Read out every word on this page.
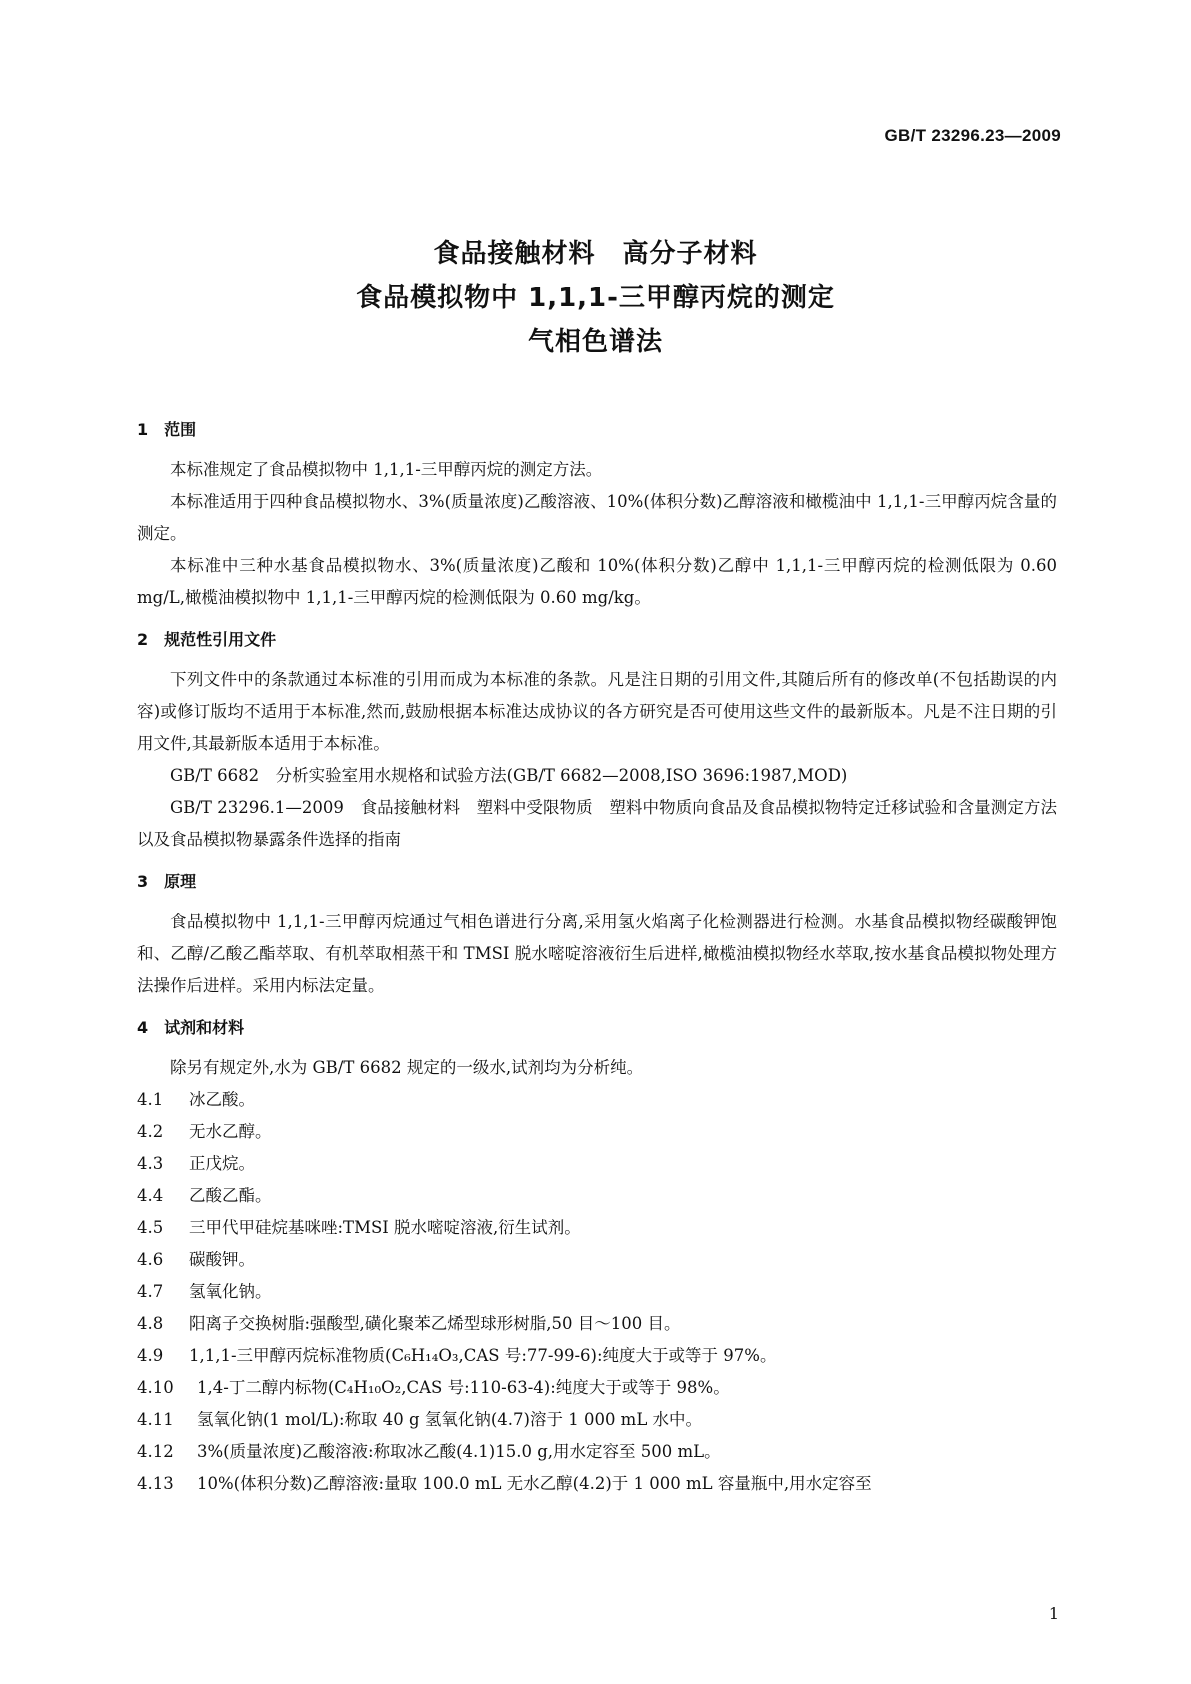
GB/T 23296.23—2009
食品接触材料　高分子材料
食品模拟物中 1,1,1-三甲醇丙烷的测定
气相色谱法
1　范围
本标准规定了食品模拟物中 1,1,1-三甲醇丙烷的测定方法。
本标准适用于四种食品模拟物水、3%(质量浓度)乙酸溶液、10%(体积分数)乙醇溶液和橄榄油中 1,1,1-三甲醇丙烷含量的测定。
本标准中三种水基食品模拟物水、3%(质量浓度)乙酸和 10%(体积分数)乙醇中 1,1,1-三甲醇丙烷的检测低限为 0.60 mg/L,橄榄油模拟物中 1,1,1-三甲醇丙烷的检测低限为 0.60 mg/kg。
2　规范性引用文件
下列文件中的条款通过本标准的引用而成为本标准的条款。凡是注日期的引用文件,其随后所有的修改单(不包括勘误的内容)或修订版均不适用于本标准,然而,鼓励根据本标准达成协议的各方研究是否可使用这些文件的最新版本。凡是不注日期的引用文件,其最新版本适用于本标准。
GB/T 6682　分析实验室用水规格和试验方法(GB/T 6682—2008,ISO 3696:1987,MOD)
GB/T 23296.1—2009　食品接触材料　塑料中受限物质　塑料中物质向食品及食品模拟物特定迁移试验和含量测定方法以及食品模拟物暴露条件选择的指南
3　原理
食品模拟物中 1,1,1-三甲醇丙烷通过气相色谱进行分离,采用氢火焰离子化检测器进行检测。水基食品模拟物经碳酸钾饱和、乙醇/乙酸乙酯萃取、有机萃取相蒸干和 TMSI 脱水嘧啶溶液衍生后进样,橄榄油模拟物经水萃取,按水基食品模拟物处理方法操作后进样。采用内标法定量。
4　试剂和材料
除另有规定外,水为 GB/T 6682 规定的一级水,试剂均为分析纯。
4.1 冰乙酸。
4.2 无水乙醇。
4.3 正戊烷。
4.4 乙酸乙酯。
4.5 三甲代甲硅烷基咪唑:TMSI 脱水嘧啶溶液,衍生试剂。
4.6 碳酸钾。
4.7 氢氧化钠。
4.8 阳离子交换树脂:强酸型,磺化聚苯乙烯型球形树脂,50 目～100 目。
4.9 1,1,1-三甲醇丙烷标准物质(C₆H₁₄O₃,CAS 号:77-99-6):纯度大于或等于 97%。
4.10 1,4-丁二醇内标物(C₄H₁₀O₂,CAS 号:110-63-4):纯度大于或等于 98%。
4.11 氢氧化钠(1 mol/L):称取 40 g 氢氧化钠(4.7)溶于 1 000 mL 水中。
4.12 3%(质量浓度)乙酸溶液:称取冰乙酸(4.1)15.0 g,用水定容至 500 mL。
4.13 10%(体积分数)乙醇溶液:量取 100.0 mL 无水乙醇(4.2)于 1 000 mL 容量瓶中,用水定容至
1
